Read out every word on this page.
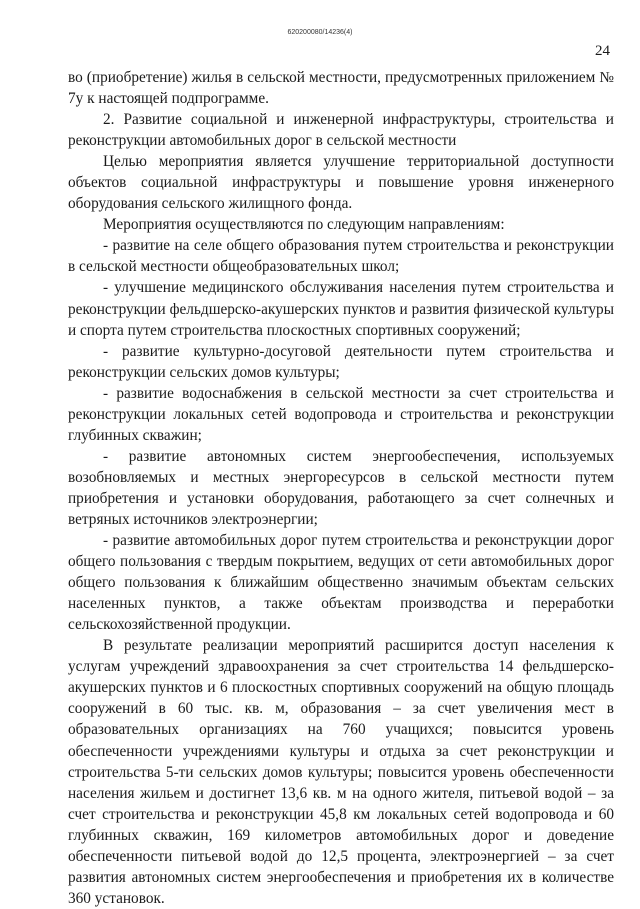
620200080/14236(4)
24

во (приобретение) жилья в сельской местности, предусмотренных приложением № 7у к настоящей подпрограмме.

2. Развитие социальной и инженерной инфраструктуры, строительства и реконструкции автомобильных дорог в сельской местности

Целью мероприятия является улучшение территориальной доступности объектов социальной инфраструктуры и повышение уровня инженерного оборудования сельского жилищного фонда.

Мероприятия осуществляются по следующим направлениям:

- развитие на селе общего образования путем строительства и реконструкции в сельской местности общеобразовательных школ;
- улучшение медицинского обслуживания населения путем строительства и реконструкции фельдшерско-акушерских пунктов и развития физической культуры и спорта путем строительства плоскостных спортивных сооружений;
- развитие культурно-досуговой деятельности путем строительства и реконструкции сельских домов культуры;
- развитие водоснабжения в сельской местности за счет строительства и реконструкции локальных сетей водопровода и строительства и реконструкции глубинных скважин;
- развитие автономных систем энергообеспечения, используемых возобновляемых и местных энергоресурсов в сельской местности путем приобретения и установки оборудования, работающего за счет солнечных и ветряных источников электроэнергии;
- развитие автомобильных дорог путем строительства и реконструкции дорог общего пользования с твердым покрытием, ведущих от сети автомобильных дорог общего пользования к ближайшим общественно значимым объектам сельских населенных пунктов, а также объектам производства и переработки сельскохозяйственной продукции.

В результате реализации мероприятий расширится доступ населения к услугам учреждений здравоохранения за счет строительства 14 фельдшерско-акушерских пунктов и 6 плоскостных спортивных сооружений на общую площадь сооружений в 60 тыс. кв. м, образования – за счет увеличения мест в образовательных организациях на 760 учащихся; повысится уровень обеспеченности учреждениями культуры и отдыха за счет реконструкции и строительства 5-ти сельских домов культуры; повысится уровень обеспеченности населения жильем и достигнет 13,6 кв. м на одного жителя, питьевой водой – за счет строительства и реконструкции 45,8 км локальных сетей водопровода и 60 глубинных скважин, 169 километров автомобильных дорог и доведение обеспеченности питьевой водой до 12,5 процента, электроэнергией – за счет развития автономных систем энергообеспечения и приобретения их в количестве 360 установок.
